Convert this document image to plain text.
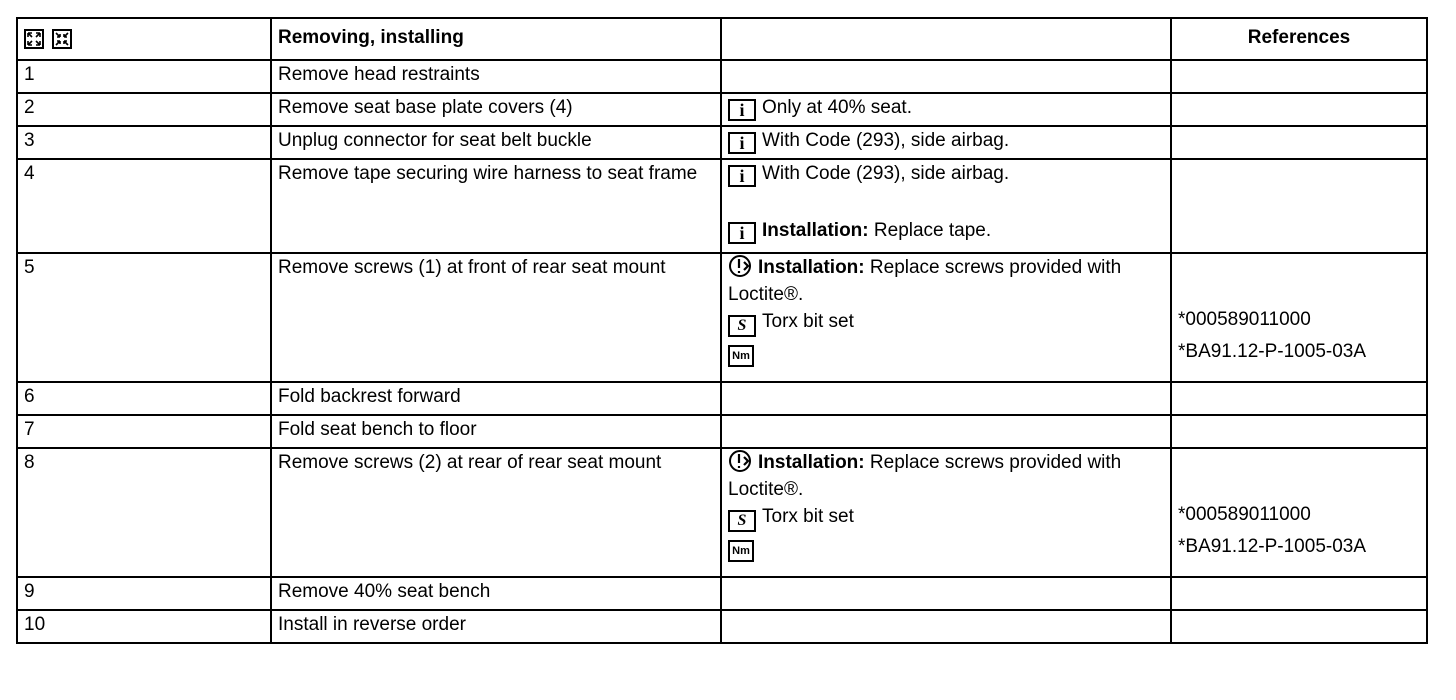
	Removing, installing		References
1	Remove head restraints		
2	Remove seat base plate covers (4)	i Only at 40% seat.	
3	Unplug connector for seat belt buckle	i With Code (293), side airbag.	
4	Remove tape securing wire harness to seat frame	i With Code (293), side airbag.
i Installation: Replace tape.	

5	Remove screws (1) at front of rear seat mount	Installation: Replace screws provided with Loctite®.
S Torx bit set
Nm	*000589011000
*BA91.12-P-1005-03A

6	Fold backrest forward		
7	Fold seat bench to floor		
8	Remove screws (2) at rear of rear seat mount	Installation: Replace screws provided with Loctite®.
S Torx bit set
Nm	*000589011000
*BA91.12-P-1005-03A

9	Remove 40% seat bench		
10	Install in reverse order		
